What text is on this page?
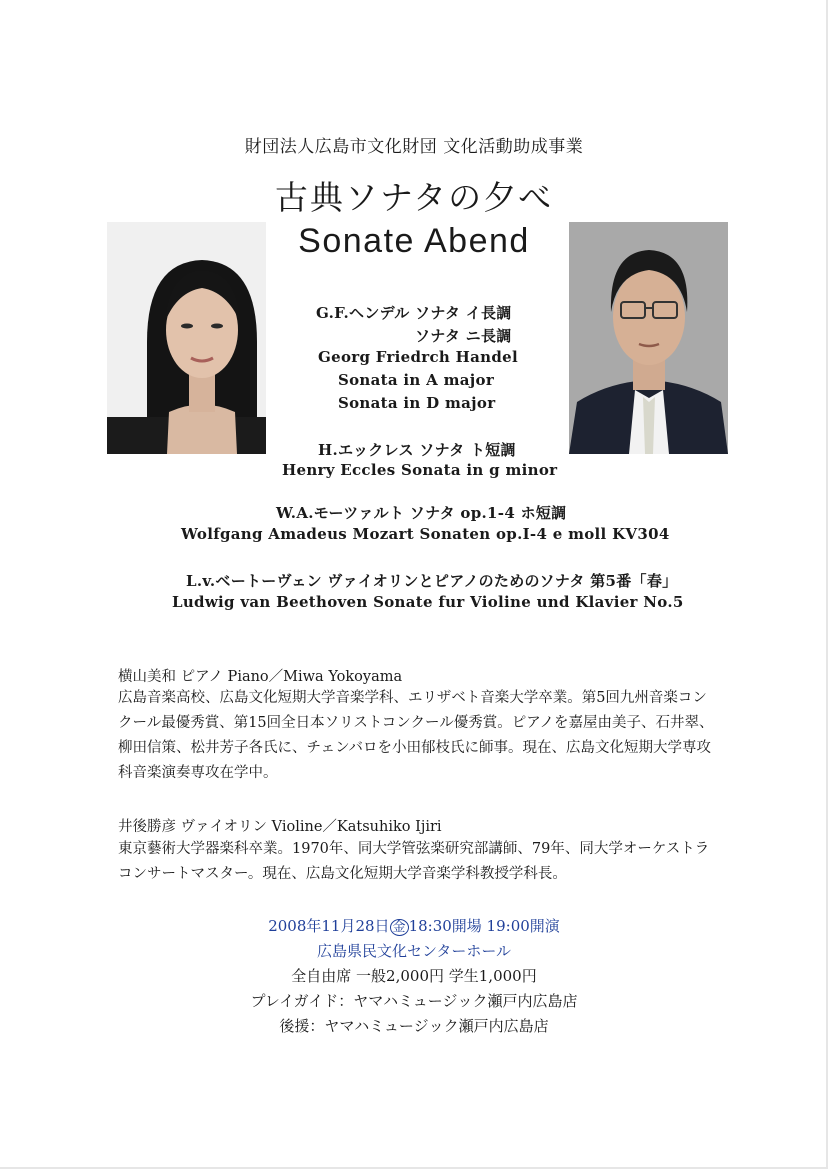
財団法人広島市文化財団 文化活動助成事業
古典ソナタの夕べ
Sonate Abend
G.F.ヘンデル ソナタ イ長調
ソナタ ニ長調
Georg Friedrch Handel
Sonata in A major
Sonata in D major
H.エックレス ソナタ ト短調
Henry Eccles Sonata in g minor
W.A.モーツァルト ソナタ op.1-4 ホ短調
Wolfgang Amadeus Mozart Sonaten op.I-4 e moll KV304
L.v.ベートーヴェン ヴァイオリンとピアノのためのソナタ 第5番「春」
Ludwig van Beethoven Sonate fur Violine und Klavier No.5
横山美和 ピアノ Piano／Miwa Yokoyama
広島音楽高校、広島文化短期大学音楽学科、エリザベト音楽大学卒業。第5回九州音楽コンクール最優秀賞、第15回全日本ソリストコンクール優秀賞。ピアノを嘉屋由美子、石井翠、柳田信策、松井芳子各氏に、チェンバロを小田郁枝氏に師事。現在、広島文化短期大学専攻科音楽演奏専攻在学中。
井後勝彦 ヴァイオリン Violine／Katsuhiko Ijiri
東京藝術大学器楽科卒業。1970年、同大学管弦楽研究部講師、79年、同大学オーケストラコンサートマスター。現在、広島文化短期大学音楽学科教授学科長。
2008年11月28日 金 18:30開場 19:00開演
広島県民文化センターホール
全自由席 一般2,000円 学生1,000円
プレイガイド：ヤマハミュージック瀬戸内広島店
後援：ヤマハミュージック瀬戸内広島店
